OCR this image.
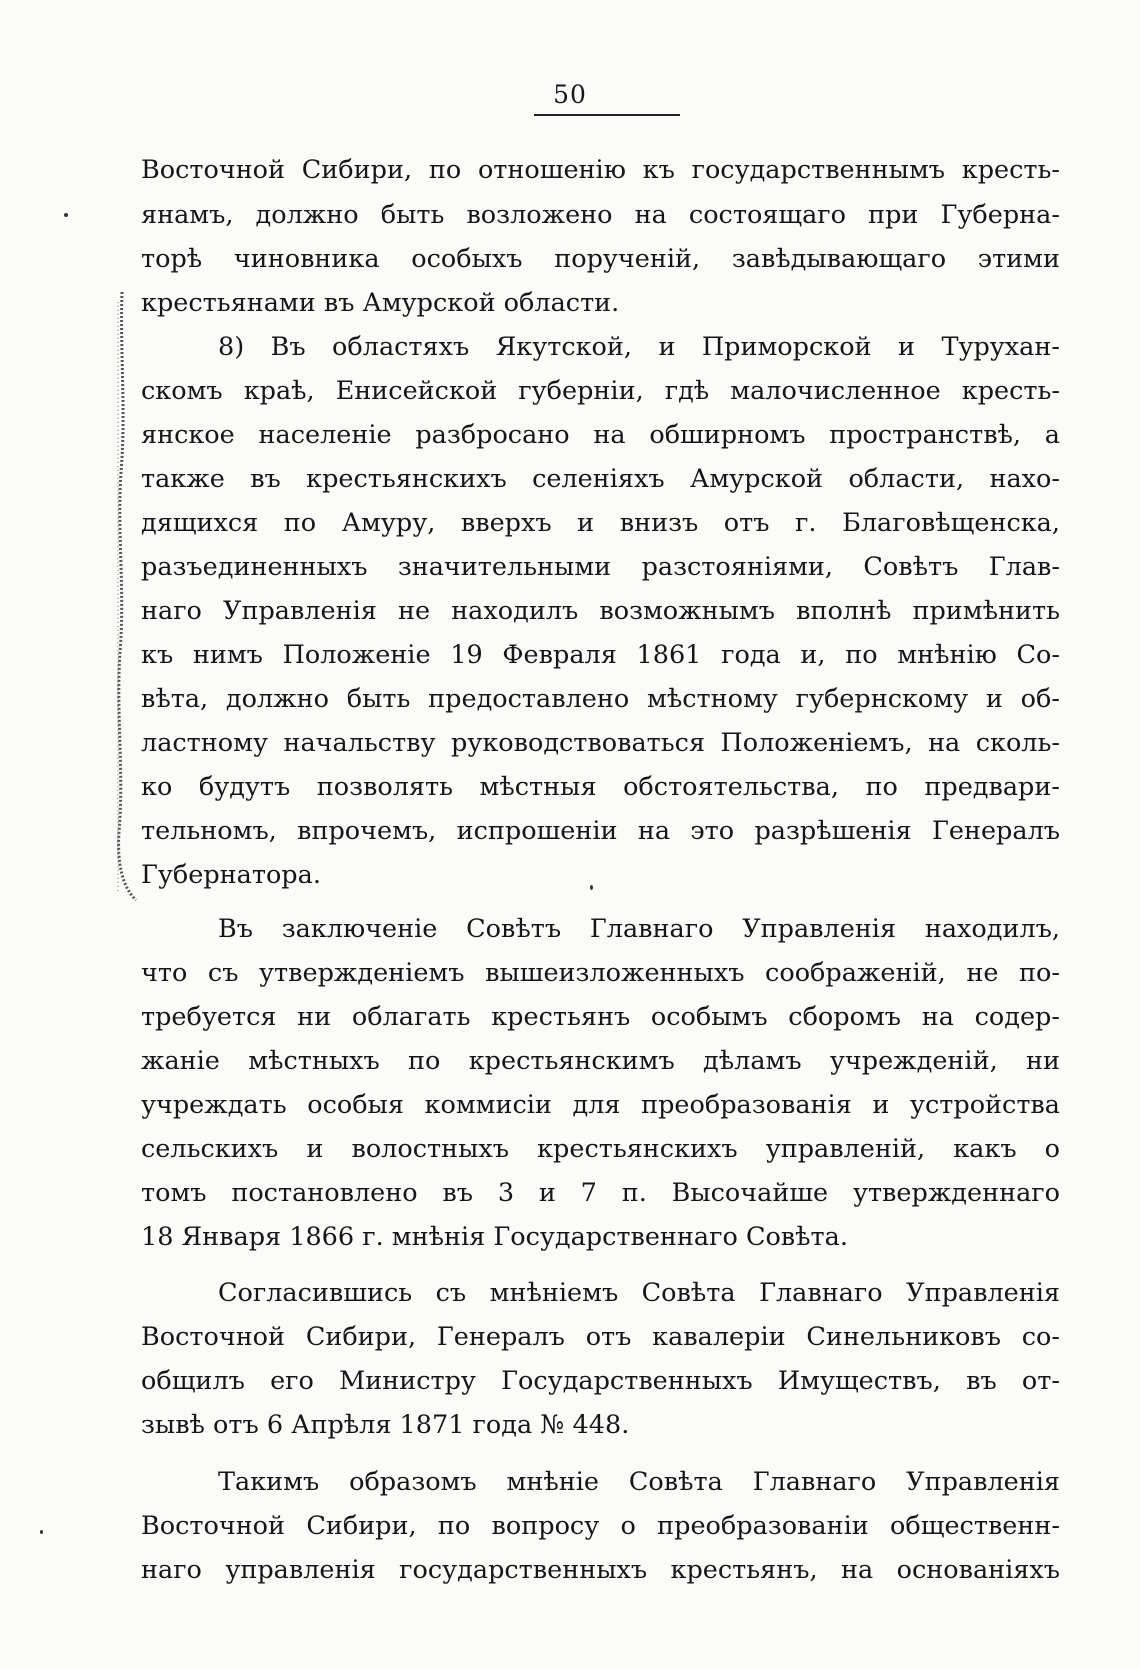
50
Восточной Сибири, по отношенію къ государственнымъ кресть-
янамъ, должно быть возложено на состоящаго при Губерна-
торѣ чиновника особыхъ порученій, завѣдывающаго этими
крестьянами въ Амурской области.
8) Въ областяхъ Якутской, и Приморской и Турухан-
скомъ краѣ, Енисейской губерніи, гдѣ малочисленное кресть-
янское населеніе разбросано на обширномъ пространствѣ, а
также въ крестьянскихъ селеніяхъ Амурской области, нахо-
дящихся по Амуру, вверхъ и внизъ отъ г. Благовѣщенска,
разъединенныхъ значительными разстояніями, Совѣтъ Глав-
наго Управленія не находилъ возможнымъ вполнѣ примѣнить
къ нимъ Положеніе 19 Февраля 1861 года и, по мнѣнію Со-
вѣта, должно быть предоставлено мѣстному губернскому и об-
ластному начальству руководствоваться Положеніемъ, на сколь-
ко будутъ позволять мѣстныя обстоятельства, по предвари-
тельномъ, впрочемъ, испрошеніи на это разрѣшенія Генералъ
Губернатора.
Въ заключеніе Совѣтъ Главнаго Управленія находилъ,
что съ утвержденіемъ вышеизложенныхъ соображеній, не по-
требуется ни облагать крестьянъ особымъ сборомъ на содер-
жаніе мѣстныхъ по крестьянскимъ дѣламъ учрежденій, ни
учреждать особыя коммисіи для преобразованія и устройства
сельскихъ и волостныхъ крестьянскихъ управленій, какъ о
томъ постановлено въ 3 и 7 п. Высочайше утвержденнаго
18 Января 1866 г. мнѣнія Государственнаго Совѣта.
Согласившись съ мнѣніемъ Совѣта Главнаго Управленія
Восточной Сибири, Генералъ отъ кавалеріи Синельниковъ со-
общилъ его Министру Государственныхъ Имуществъ, въ от-
зывѣ отъ 6 Апрѣля 1871 года № 448.
Такимъ образомъ мнѣніе Совѣта Главнаго Управленія
Восточной Сибири, по вопросу о преобразованіи общественн-
наго управленія государственныхъ крестьянъ, на основаніяхъ
